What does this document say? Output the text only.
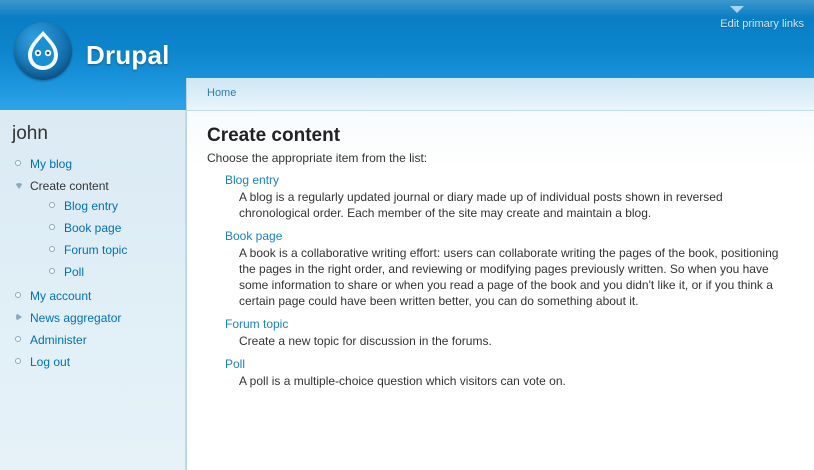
Edit primary links
Drupal
john
My blog
Create content
Blog entry
Book page
Forum topic
Poll
My account
News aggregator
Administer
Log out
Home
Create content

Choose the appropriate item from the list:

Blog entry
A blog is a regularly updated journal or diary made up of individual posts shown in reversed chronological order. Each member of the site may create and maintain a blog.
Book page
A book is a collaborative writing effort: users can collaborate writing the pages of the book, positioning the pages in the right order, and reviewing or modifying pages previously written. So when you have some information to share or when you read a page of the book and you didn't like it, or if you think a certain page could have been written better, you can do something about it.
Forum topic
Create a new topic for discussion in the forums.
Poll
A poll is a multiple-choice question which visitors can vote on.
